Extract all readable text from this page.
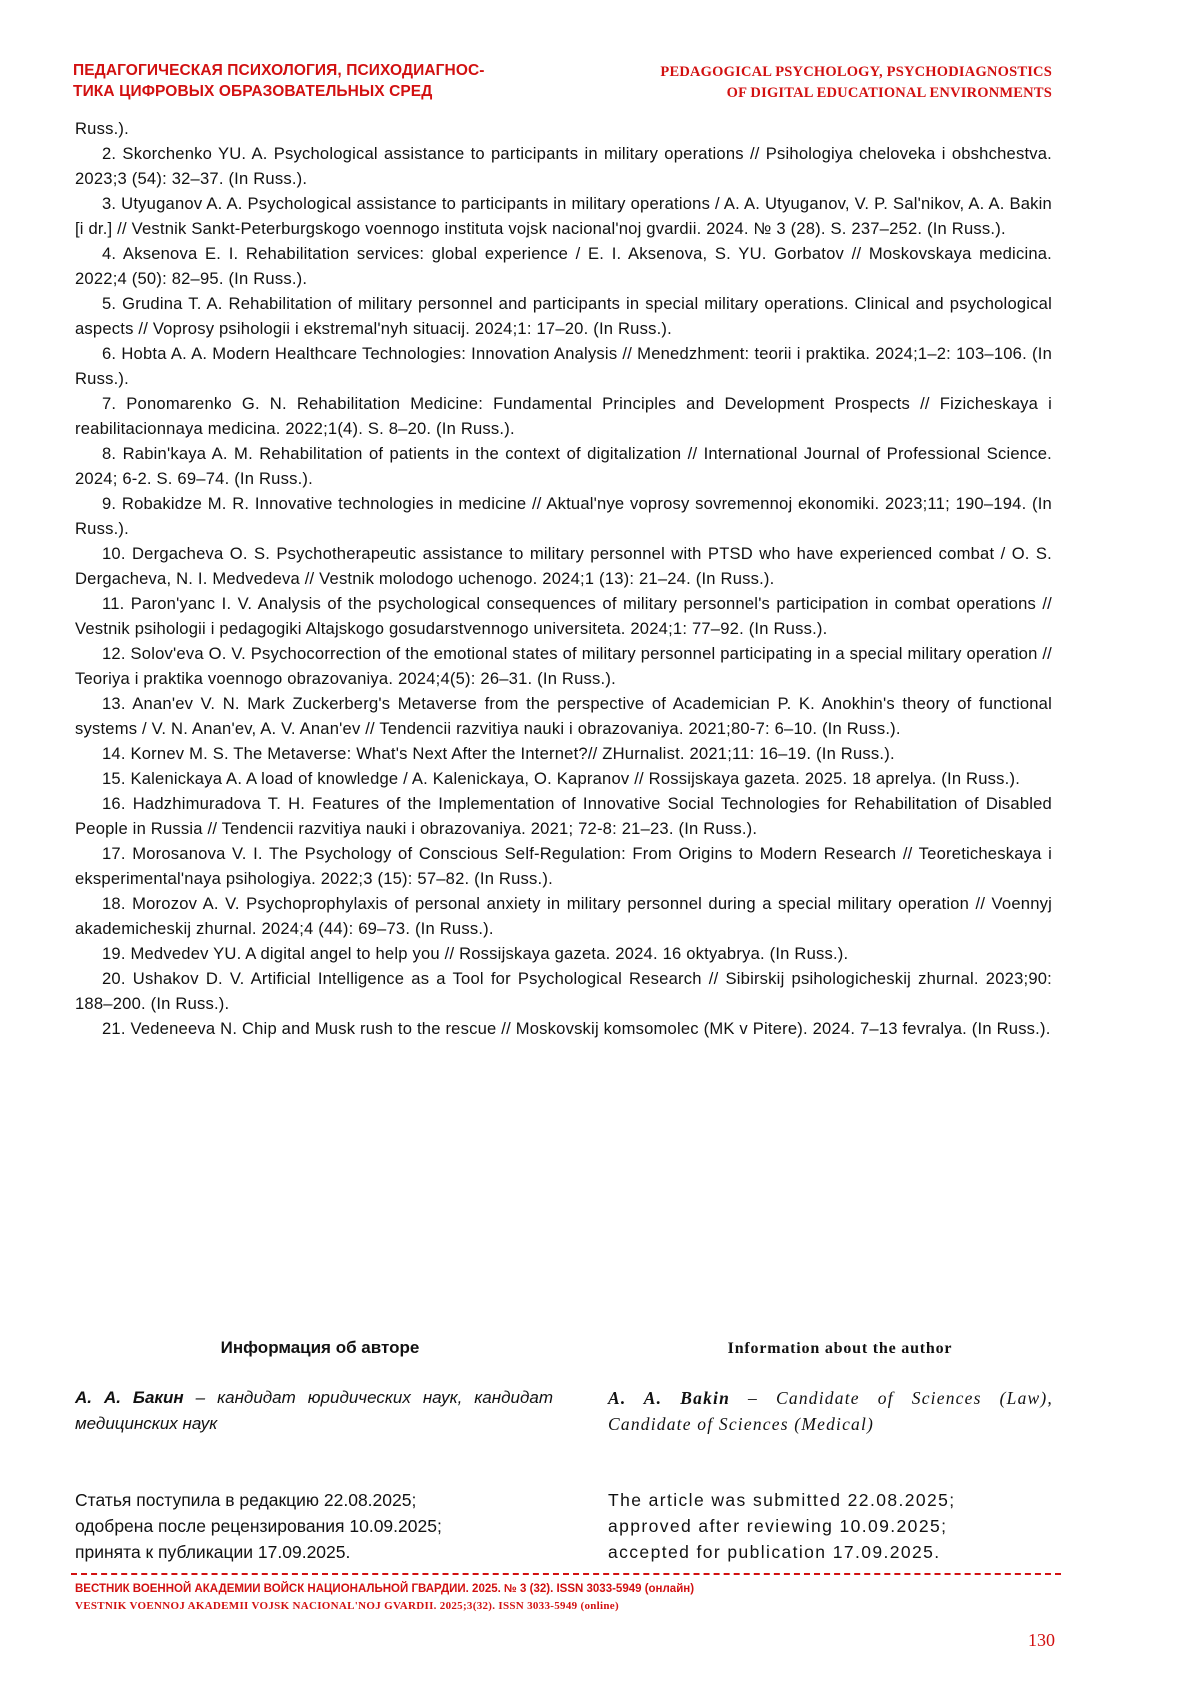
ПЕДАГОГИЧЕСКАЯ ПСИХОЛОГИЯ, ПСИХОДИАГНОС-
ТИКА ЦИФРОВЫХ ОБРАЗОВАТЕЛЬНЫХ СРЕД
PEDAGOGICAL PSYCHOLOGY, PSYCHODIAGNOSTICS
OF DIGITAL EDUCATIONAL ENVIRONMENTS

Russ.).

2. Skorchenko YU. A. Psychological assistance to participants in military operations // Psihologiya cheloveka i obshchestva. 2023;3 (54): 32–37. (In Russ.).

3. Utyuganov A. A. Psychological assistance to participants in military operations / A. A. Utyuganov, V. P. Sal'nikov, A. A. Bakin [i dr.] // Vestnik Sankt-Peterburgskogo voennogo instituta vojsk nacional'noj gvardii. 2024. № 3 (28). S. 237–252. (In Russ.).

4. Aksenova E. I. Rehabilitation services: global experience / E. I. Aksenova, S. YU. Gorbatov // Moskovskaya medicina. 2022;4 (50): 82–95. (In Russ.).

5. Grudina T. A. Rehabilitation of military personnel and participants in special military operations. Clinical and psychological aspects // Voprosy psihologii i ekstremal'nyh situacij. 2024;1: 17–20. (In Russ.).

6. Hobta A. A. Modern Healthcare Technologies: Innovation Analysis // Menedzhment: teorii i praktika. 2024;1–2: 103–106. (In Russ.).

7. Ponomarenko G. N. Rehabilitation Medicine: Fundamental Principles and Development Prospects // Fizicheskaya i reabilitacionnaya medicina. 2022;1(4). S. 8–20. (In Russ.).

8. Rabin'kaya A. M. Rehabilitation of patients in the context of digitalization // International Journal of Professional Science. 2024; 6-2. S. 69–74. (In Russ.).

9. Robakidze M. R. Innovative technologies in medicine // Aktual'nye voprosy sovremennoj ekonomiki. 2023;11; 190–194. (In Russ.).

10. Dergacheva O. S. Psychotherapeutic assistance to military personnel with PTSD who have experienced combat / O. S. Dergacheva, N. I. Medvedeva // Vestnik molodogo uchenogo. 2024;1 (13): 21–24. (In Russ.).

11. Paron'yanc I. V. Analysis of the psychological consequences of military personnel's participation in combat operations // Vestnik psihologii i pedagogiki Altajskogo gosudarstvennogo universiteta. 2024;1: 77–92. (In Russ.).

12. Solov'eva O. V. Psychocorrection of the emotional states of military personnel participating in a special military operation // Teoriya i praktika voennogo obrazovaniya. 2024;4(5): 26–31. (In Russ.).

13. Anan'ev V. N. Mark Zuckerberg's Metaverse from the perspective of Academician P. K. Anokhin's theory of functional systems / V. N. Anan'ev, A. V. Anan'ev // Tendencii razvitiya nauki i obrazovaniya. 2021;80-7: 6–10. (In Russ.).

14. Kornev M. S. The Metaverse: What's Next After the Internet?// ZHurnalist. 2021;11: 16–19. (In Russ.).

15. Kalenickaya A. A load of knowledge / A. Kalenickaya, O. Kapranov // Rossijskaya gazeta. 2025. 18 aprelya. (In Russ.).

16. Hadzhimuradova T. H. Features of the Implementation of Innovative Social Technologies for Rehabilitation of Disabled People in Russia // Tendencii razvitiya nauki i obrazovaniya. 2021; 72-8: 21–23. (In Russ.).

17. Morosanova V. I. The Psychology of Conscious Self-Regulation: From Origins to Modern Research // Teoreticheskaya i eksperimental'naya psihologiya. 2022;3 (15): 57–82. (In Russ.).

18. Morozov A. V. Psychoprophylaxis of personal anxiety in military personnel during a special military operation // Voennyj akademicheskij zhurnal. 2024;4 (44): 69–73. (In Russ.).

19. Medvedev YU. A digital angel to help you // Rossijskaya gazeta. 2024. 16 oktyabrya. (In Russ.).

20. Ushakov D. V. Artificial Intelligence as a Tool for Psychological Research // Sibirskij psihologicheskij zhurnal. 2023;90: 188–200. (In Russ.).

21. Vedeneeva N. Chip and Musk rush to the rescue // Moskovskij komsomolec (MK v Pitere). 2024. 7–13 fevralya. (In Russ.).

Информация об авторе	Information about the author
А. А. Бакин – кандидат юридических наук, кандидат медицинских наук
A. A. Bakin – Candidate of Sciences (Law), Candidate of Sciences (Medical)
Статья поступила в редакцию 22.08.2025;
одобрена после рецензирования 10.09.2025;
принята к публикации 17.09.2025.
The article was submitted 22.08.2025;
approved after reviewing 10.09.2025;
accepted for publication 17.09.2025.
ВЕСТНИК ВОЕННОЙ АКАДЕМИИ ВОЙСК НАЦИОНАЛЬНОЙ ГВАРДИИ. 2025. № 3 (32). ISSN 3033-5949 (онлайн)
VESTNIK VOENNOJ AKADEMII VOJSK NACIONAL'NOJ GVARDII. 2025;3(32). ISSN 3033-5949 (online)
130
